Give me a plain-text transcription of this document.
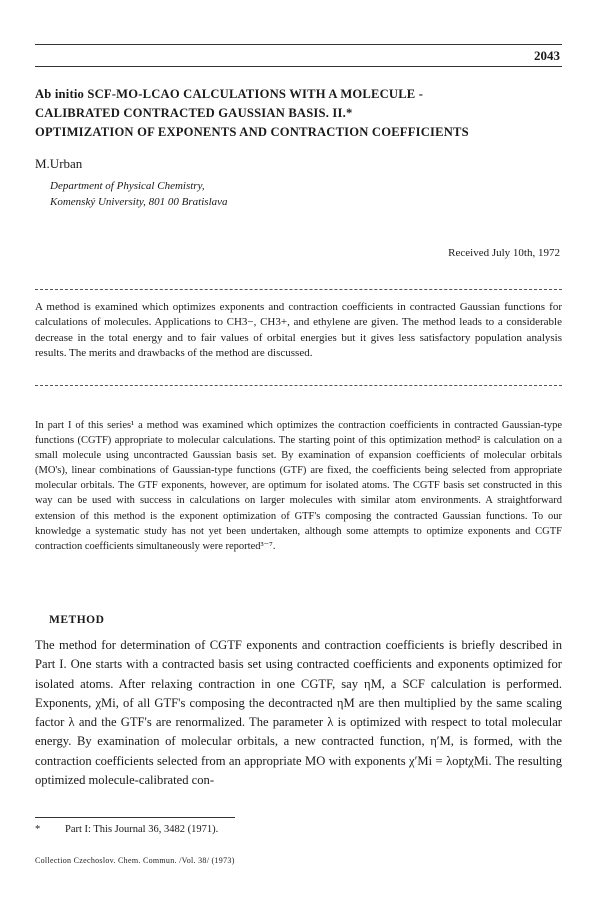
2043
Ab initio SCF-MO-LCAO CALCULATIONS WITH A MOLECULE -
CALIBRATED CONTRACTED GAUSSIAN BASIS. II.*
OPTIMIZATION OF EXPONENTS AND CONTRACTION COEFFICIENTS
M.Urban
Department of Physical Chemistry,
Komenský University, 801 00 Bratislava
Received July 10th, 1972

A method is examined which optimizes exponents and contraction coefficients in contracted Gaussian functions for calculations of molecules. Applications to CH3−, CH3+, and ethylene are given. The method leads to a considerable decrease in the total energy and to fair values of orbital energies but it gives less satisfactory population analysis results. The merits and drawbacks of the method are discussed.

In part I of this series¹ a method was examined which optimizes the contraction coefficients in contracted Gaussian-type functions (CGTF) appropriate to molecular calculations. The starting point of this optimization method² is calculation on a small molecule using uncontracted Gaussian basis set. By examination of expansion coefficients of molecular orbitals (MO's), linear combinations of Gaussian-type functions (GTF) are fixed, the coefficients being selected from appropriate molecular orbitals. The GTF exponents, however, are optimum for isolated atoms. The CGTF basis set constructed in this way can be used with success in calculations on larger molecules with similar atom environments. A straightforward extension of this method is the exponent optimization of GTF's composing the contracted Gaussian functions. To our knowledge a systematic study has not yet been undertaken, although some attempts to optimize exponents and CGTF contraction coefficients simultaneously were reported³⁻⁷.

METHOD

The method for determination of CGTF exponents and contraction coefficients is briefly described in Part I. One starts with a contracted basis set using contracted coefficients and exponents optimized for isolated atoms. After relaxing contraction in one CGTF, say ηM, a SCF calculation is performed. Exponents, χMi, of all GTF's composing the decontracted ηM are then multiplied by the same scaling factor λ and the GTF's are renormalized. The parameter λ is optimized with respect to total molecular energy. By examination of molecular orbitals, a new contracted function, η′M, is formed, with the contraction coefficients selected from an appropriate MO with exponents χ′Mi = λoptχMi. The resulting optimized molecule-calibrated con-

* Part I: This Journal 36, 3482 (1971).
Collection Czechoslov. Chem. Commun. /Vol. 38/ (1973)
